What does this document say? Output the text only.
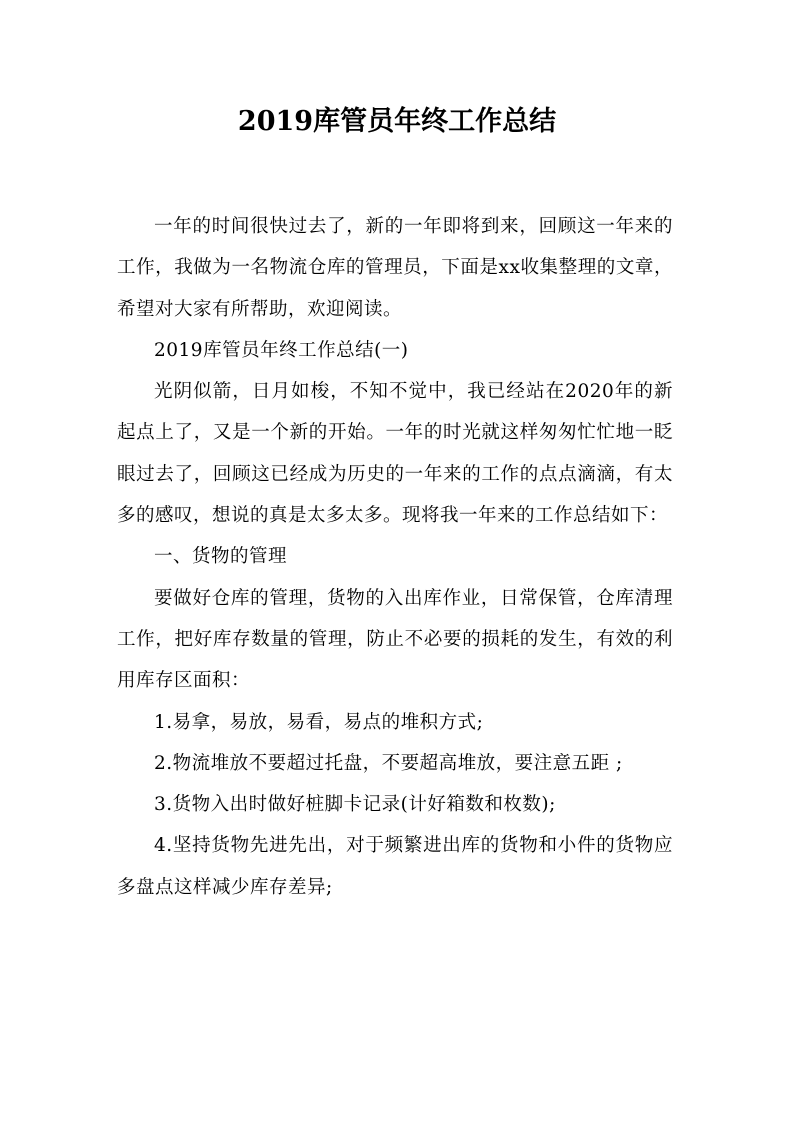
2019库管员年终工作总结

一年的时间很快过去了，新的一年即将到来，回顾这一年来的工作，我做为一名物流仓库的管理员，下面是xx收集整理的文章，希望对大家有所帮助，欢迎阅读。

2019库管员年终工作总结(一)

光阴似箭，日月如梭，不知不觉中，我已经站在2020年的新起点上了，又是一个新的开始。一年的时光就这样匆匆忙忙地一眨眼过去了，回顾这已经成为历史的一年来的工作的点点滴滴，有太多的感叹，想说的真是太多太多。现将我一年来的工作总结如下：

一、货物的管理

要做好仓库的管理，货物的入出库作业，日常保管，仓库清理工作，把好库存数量的管理，防止不必要的损耗的发生，有效的利用库存区面积：

1.易拿，易放，易看，易点的堆积方式;

2.物流堆放不要超过托盘，不要超高堆放，要注意五距 ;

3.货物入出时做好桩脚卡记录(计好箱数和枚数);

4.坚持货物先进先出，对于频繁进出库的货物和小件的货物应多盘点这样减少库存差异;
